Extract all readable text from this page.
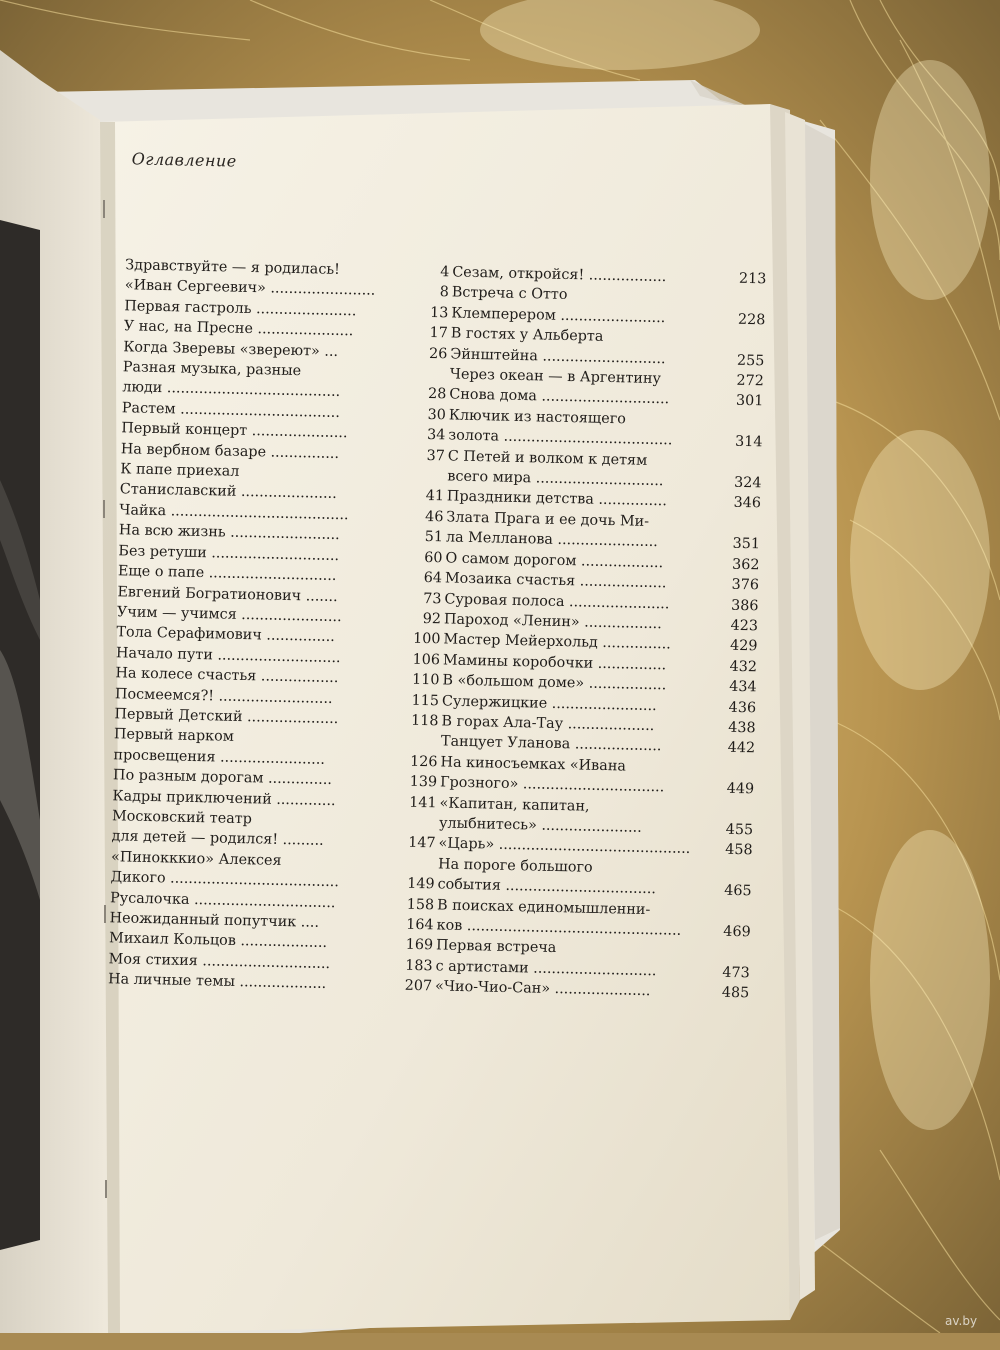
av.by
Оглавление
Здравствуйте — я родилась!	4
«Иван Сергеевич» .......................	8
Первая гастроль ......................	13
У нас, на Пресне .....................	17
Когда Зверевы «зверeют» ...	26
Разная музыка, разные
люди ......................................	28
Растем ...................................	30
Первый концерт .....................	34
На вербном базаре ...............	37
К папе приехал
Станиславский .....................	41
Чайка .......................................	46
На всю жизнь ........................	51
Без ретуши ............................	60
Еще о папе ............................	64
Евгений Богратионович .......	73
Учим — учимся ......................	92
Тола Серафимович ...............	100
Начало пути ...........................	106
На колесе счастья .................	110
Посмеемся?! .........................	115
Первый Детский ....................	118
Первый нарком
просвещения .......................	126
По разным дорогам ..............	139
Кадры приключений .............	141
Московский театр
для детей — родился! .........	147
«Пинокккио» Алексея
Дикого .....................................	149
Русалочка ...............................	158
Неожиданный попутчик ....	164
Михаил Кольцов ...................	169
Моя стихия ............................	183
На личные темы ...................	207
Сезам, откройся! .................	213
Встреча с Отто
Клемперером .......................	228
В гостях у Альберта
Эйнштейна ...........................	255
Через океан — в Аргентину	272
Снова дома ............................	301
Ключик из настоящего
золота .....................................	314
С Петей и волком к детям
всего мира ............................	324
Праздники детства ...............	346
Злата Прага и ее дочь Ми-
ла Мелланова ......................	351
О самом дорогом ..................	362
Мозаика счастья ...................	376
Суровая полоса ......................	386
Пароход «Ленин» .................	423
Мастер Мейерхольд ...............	429
Мамины коробочки ...............	432
В «большом доме» .................	434
Сулержицкие .......................	436
В горах Ала-Тау ...................	438
Танцует Уланова ...................	442
На киносъемках «Ивана
Грозного» ...............................	449
«Капитан, капитан,
улыбнитесь» ......................	455
«Царь» ..........................................	458
На пороге большого
события .................................	465
В поисках единомышленни-
ков ...............................................	469
Первая встреча
с артистами ...........................	473
«Чио-Чио-Сан» .....................	485
